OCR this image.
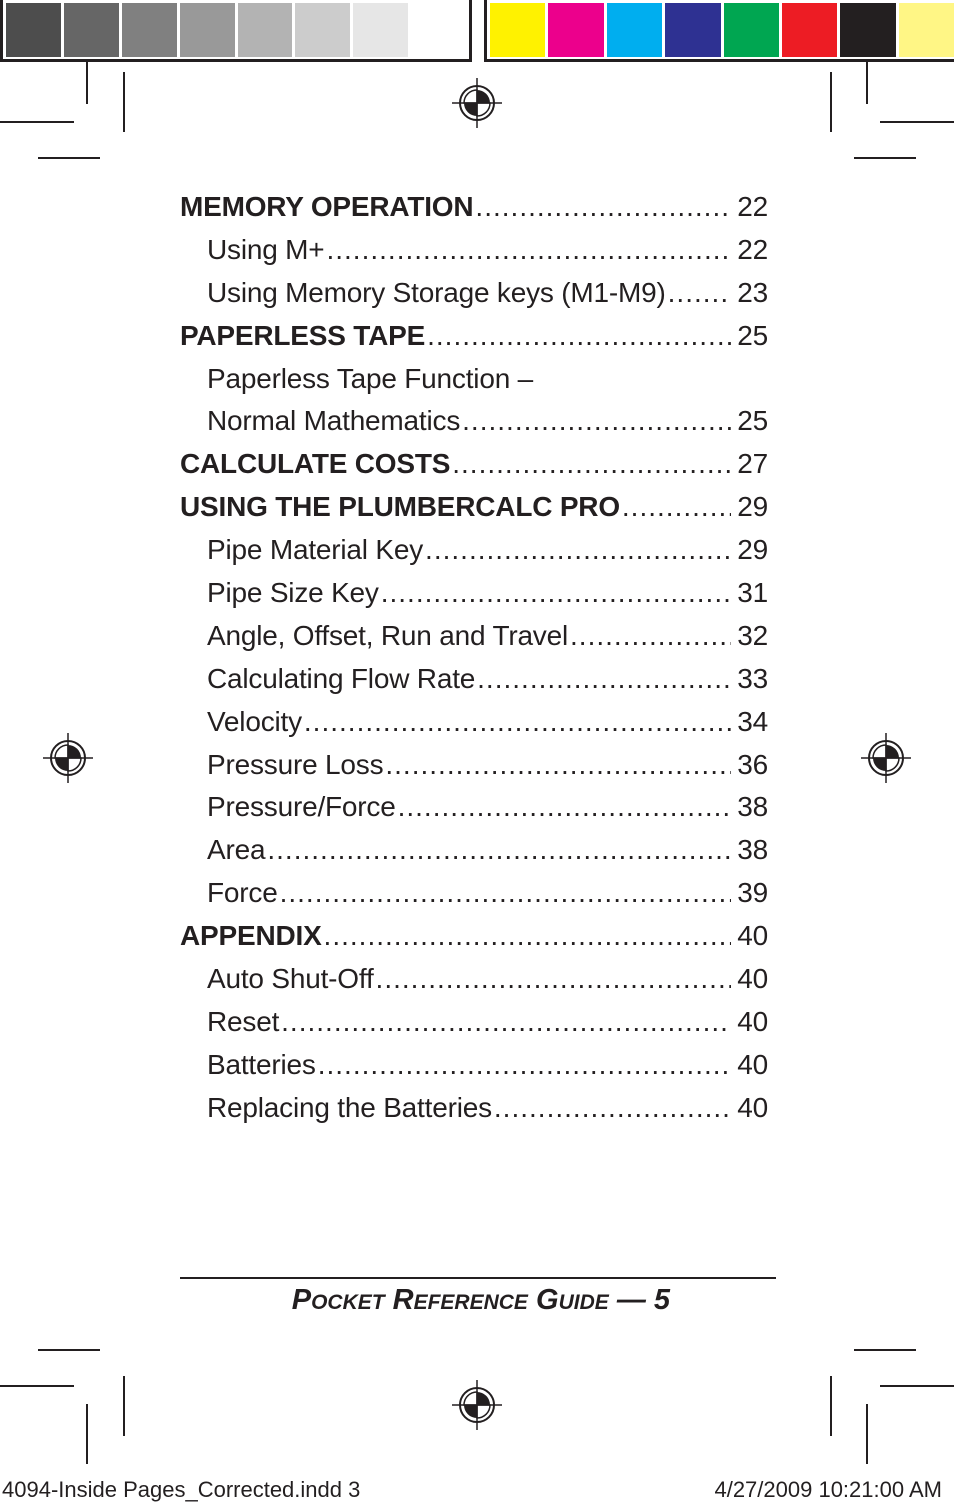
MEMORY OPERATION .....	22
Using M+ .....	22
Using Memory Storage keys (M1-M9) .....	23
PAPERLESS TAPE .....	25
Paperless Tape Function –
Normal Mathematics .....	25
CALCULATE COSTS .....	27
USING THE PLUMBERCALC PRO .....	29
Pipe Material Key .....	29
Pipe Size Key .....	31
Angle, Offset, Run and Travel .....	32
Calculating Flow Rate .....	33
Velocity .....	34
Pressure Loss .....	36
Pressure/Force .....	38
Area .....	38
Force .....	39
APPENDIX .....	40
Auto Shut-Off .....	40
Reset .....	40
Batteries .....	40
Replacing the Batteries .....	40
POCKET REFERENCE GUIDE — 5
4094-Inside Pages_Corrected.indd 3	4/27/2009 10:21:00 AM
